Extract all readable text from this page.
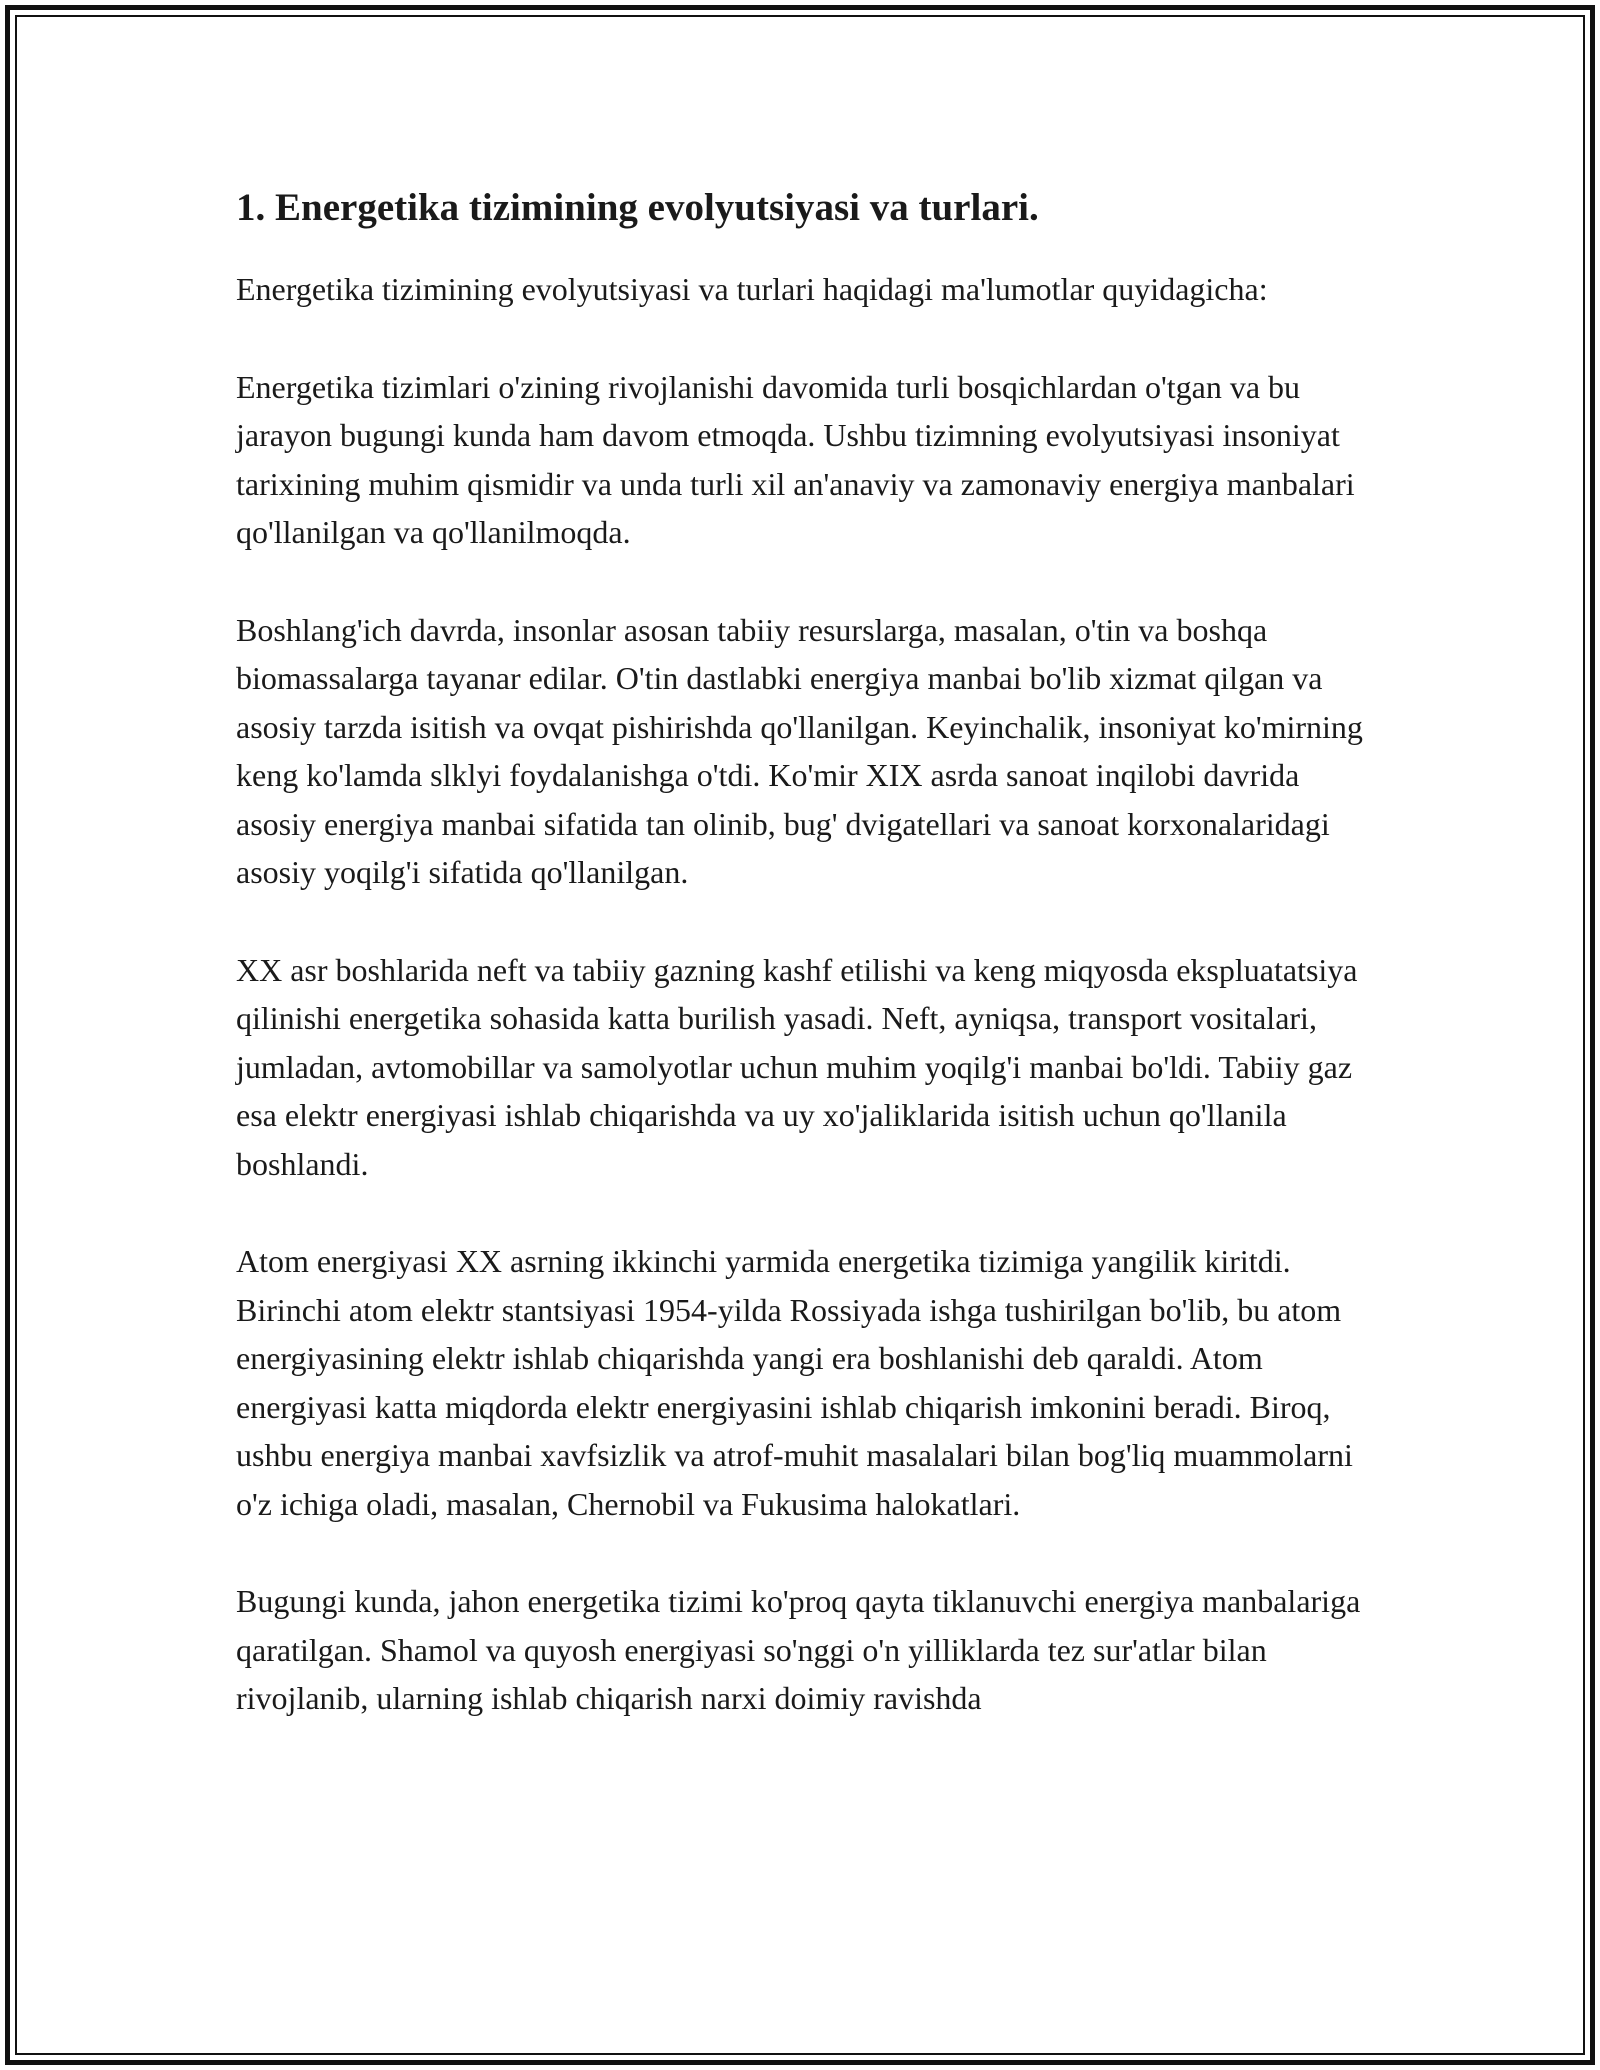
1. Energetika tizimining evolyutsiyasi va turlari.

Energetika tizimining evolyutsiyasi va turlari haqidagi ma'lumotlar quyidagicha:

Energetika tizimlari o'zining rivojlanishi davomida turli bosqichlardan o'tgan va bu jarayon bugungi kunda ham davom etmoqda. Ushbu tizimning evolyutsiyasi insoniyat tarixining muhim qismidir va unda turli xil an'anaviy va zamonaviy energiya manbalari qo'llanilgan va qo'llanilmoqda.

Boshlang'ich davrda, insonlar asosan tabiiy resurslarga, masalan, o'tin va boshqa biomassalarga tayanar edilar. O'tin dastlabki energiya manbai bo'lib xizmat qilgan va asosiy tarzda isitish va ovqat pishirishda qo'llanilgan. Keyinchalik, insoniyat ko'mirning keng ko'lamda slklyi foydalanishga o'tdi. Ko'mir XIX asrda sanoat inqilobi davrida asosiy energiya manbai sifatida tan olinib, bug' dvigatellari va sanoat korxonalaridagi asosiy yoqilg'i sifatida qo'llanilgan.

XX asr boshlarida neft va tabiiy gazning kashf etilishi va keng miqyosda ekspluatatsiya qilinishi energetika sohasida katta burilish yasadi. Neft, ayniqsa, transport vositalari, jumladan, avtomobillar va samolyotlar uchun muhim yoqilg'i manbai bo'ldi. Tabiiy gaz esa elektr energiyasi ishlab chiqarishda va uy xo'jaliklarida isitish uchun qo'llanila boshlandi.

Atom energiyasi XX asrning ikkinchi yarmida energetika tizimiga yangilik kiritdi. Birinchi atom elektr stantsiyasi 1954-yilda Rossiyada ishga tushirilgan bo'lib, bu atom energiyasining elektr ishlab chiqarishda yangi era boshlanishi deb qaraldi. Atom energiyasi katta miqdorda elektr energiyasini ishlab chiqarish imkonini beradi. Biroq, ushbu energiya manbai xavfsizlik va atrof-muhit masalalari bilan bog'liq muammolarni o'z ichiga oladi, masalan, Chernobil va Fukusima halokatlari.

Bugungi kunda, jahon energetika tizimi ko'proq qayta tiklanuvchi energiya manbalariga qaratilgan. Shamol va quyosh energiyasi so'nggi o'n yilliklarda tez sur'atlar bilan rivojlanib, ularning ishlab chiqarish narxi doimiy ravishda
